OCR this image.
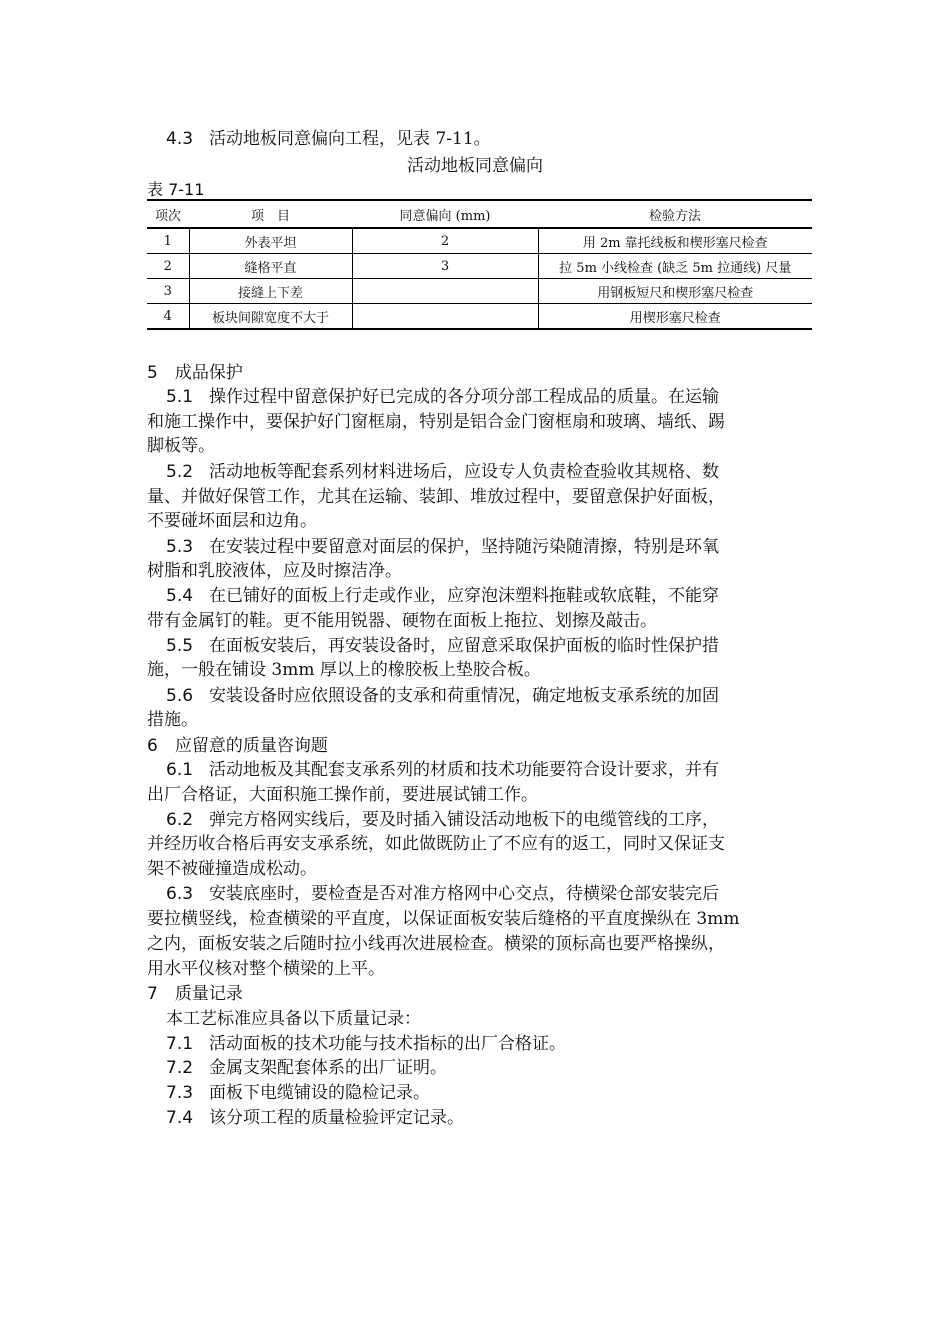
4.3 活动地板同意偏向工程，见表 7-11。
活动地板同意偏向
表 7-11
项次	项　目	同意偏向 (mm)	检验方法
1	外表平坦	2	用 2m 靠托线板和楔形塞尺检查
2	缝格平直	3	拉 5m 小线检查 (缺乏 5m 拉通线) 尺量
3	接缝上下差		用钢板短尺和楔形塞尺检查
4	板块间隙宽度不大于		用楔形塞尺检查
5　成品保护
5.1 操作过程中留意保护好已完成的各分项分部工程成品的质量。在运输
和施工操作中，要保护好门窗框扇，特别是铝合金门窗框扇和玻璃、墙纸、踢
脚板等。
5.2 活动地板等配套系列材料进场后，应设专人负责检查验收其规格、数
量、并做好保管工作，尤其在运输、装卸、堆放过程中，要留意保护好面板，
不要碰坏面层和边角。
5.3 在安装过程中要留意对面层的保护，坚持随污染随清擦，特别是环氧
树脂和乳胶液体，应及时擦洁净。
5.4 在已铺好的面板上行走或作业，应穿泡沫塑料拖鞋或软底鞋，不能穿
带有金属钉的鞋。更不能用锐器、硬物在面板上拖拉、划擦及敲击。
5.5 在面板安装后，再安装设备时，应留意采取保护面板的临时性保护措
施，一般在铺设 3mm 厚以上的橡胶板上垫胶合板。
5.6 安装设备时应依照设备的支承和荷重情况，确定地板支承系统的加固
措施。
6　应留意的质量咨询题
6.1 活动地板及其配套支承系列的材质和技术功能要符合设计要求，并有
出厂合格证，大面积施工操作前，要进展试铺工作。
6.2 弹完方格网实线后，要及时插入铺设活动地板下的电缆管线的工序，
并经历收合格后再安支承系统，如此做既防止了不应有的返工，同时又保证支
架不被碰撞造成松动。
6.3 安装底座时，要检查是否对准方格网中心交点，待横梁仓部安装完后
要拉横竖线，检查横梁的平直度，以保证面板安装后缝格的平直度操纵在 3mm
之内，面板安装之后随时拉小线再次进展检查。横梁的顶标高也要严格操纵，
用水平仪核对整个横梁的上平。
7　质量记录
本工艺标准应具备以下质量记录：
7.1 活动面板的技术功能与技术指标的出厂合格证。
7.2 金属支架配套体系的出厂证明。
7.3 面板下电缆铺设的隐检记录。
7.4 该分项工程的质量检验评定记录。
